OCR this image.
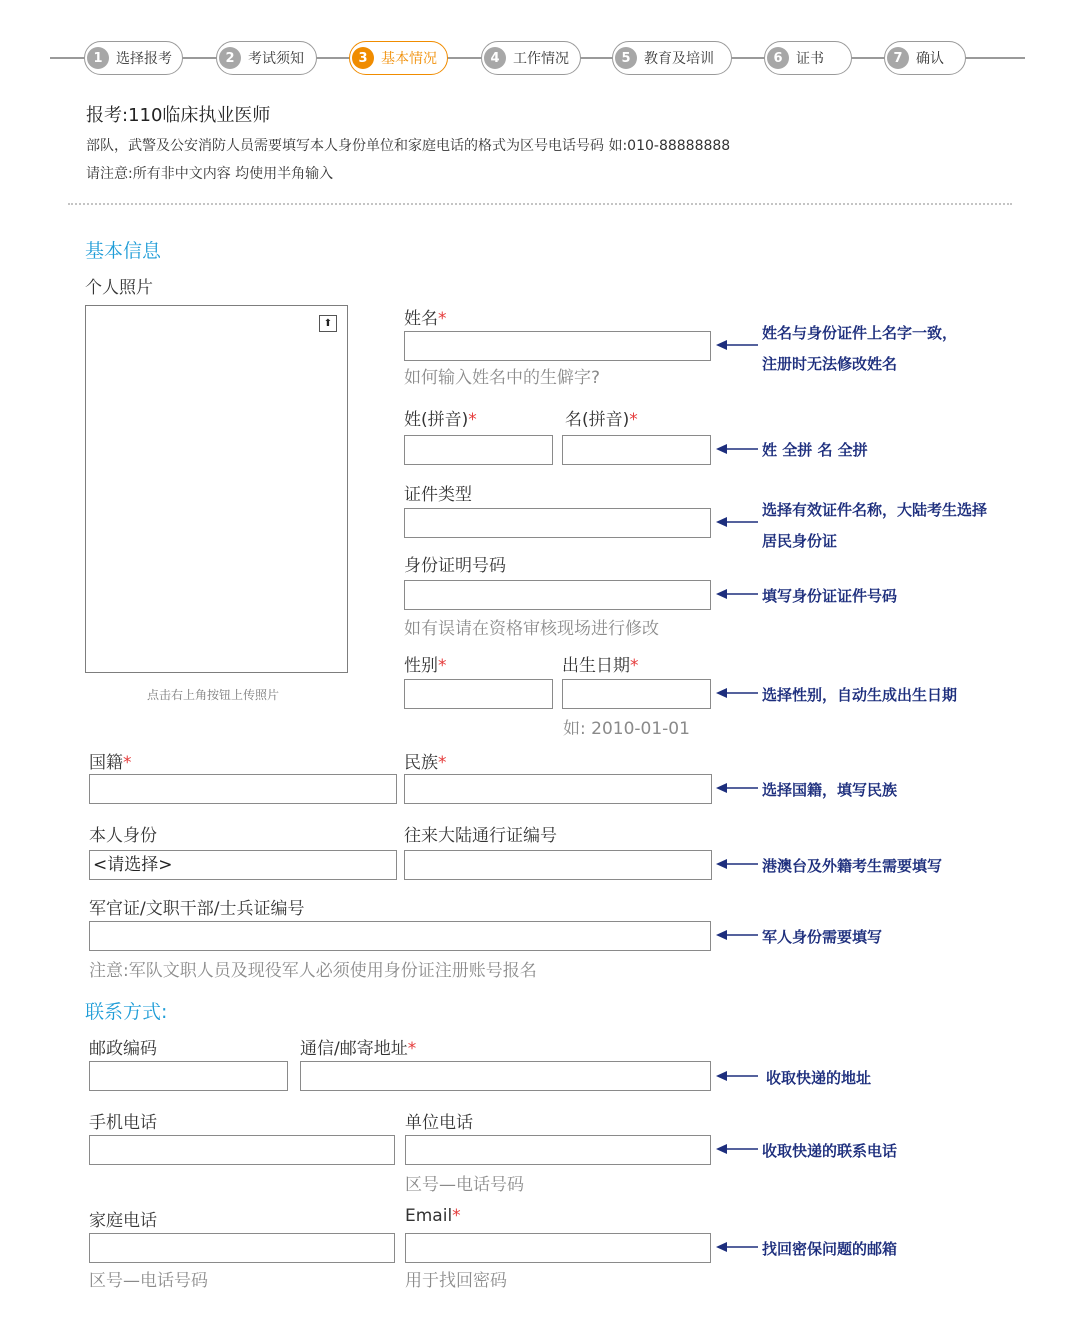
1 选择报考	2 考试须知	3 基本情况	4 工作情况	5 教育及培训	6 证书	7 确认
报考:110临床执业医师
部队，武警及公安消防人员需要填写本人身份单位和家庭电话的格式为区号电话号码 如:010-88888888
请注意:所有非中文内容 均使用半角输入
基本信息
个人照片
⬆
点击右上角按钮上传照片
姓名*
如何输入姓名中的生僻字?
姓(拼音)*	名(拼音)*
证件类型
身份证明号码
如有误请在资格审核现场进行修改
性别*	出生日期*
如: 2010-01-01
国籍*	民族*
本人身份	往来大陆通行证编号
<请选择>
军官证/文职干部/士兵证编号
注意:军队文职人员及现役军人必须使用身份证注册账号报名
联系方式:
邮政编码	通信/邮寄地址*
手机电话	单位电话
区号—电话号码
家庭电话	Email*
区号—电话号码	用于找回密码
姓名与身份证件上名字一致，
注册时无法修改姓名
姓 全拼 名 全拼
选择有效证件名称，大陆考生选择
居民身份证
填写身份证证件号码
选择性别，自动生成出生日期
选择国籍，填写民族
港澳台及外籍考生需要填写
军人身份需要填写
收取快递的地址
收取快递的联系电话
找回密保问题的邮箱
